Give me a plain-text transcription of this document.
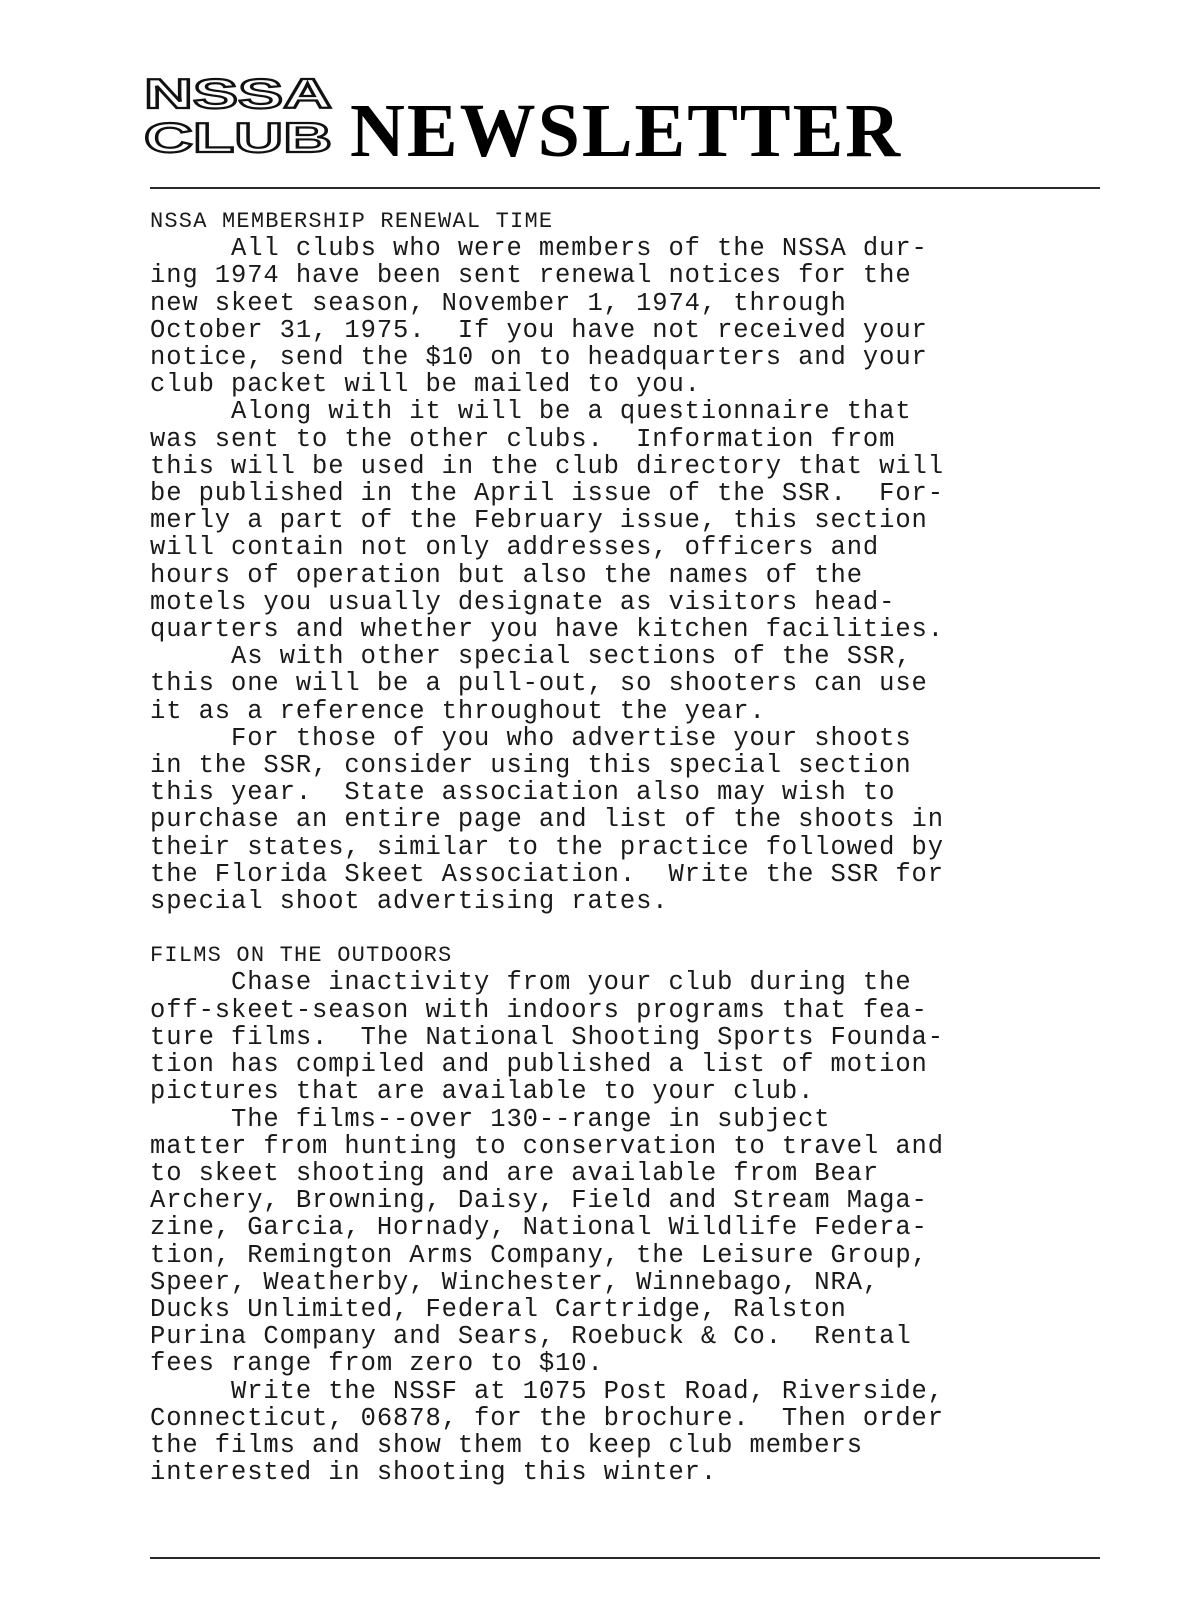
NSSA
CLUB NEWSLETTER
NSSA MEMBERSHIP RENEWAL TIME
All clubs who were members of the NSSA dur-
ing 1974 have been sent renewal notices for the
new skeet season, November 1, 1974, through
October 31, 1975.  If you have not received your
notice, send the $10 on to headquarters and your
club packet will be mailed to you.
Along with it will be a questionnaire that
was sent to the other clubs.  Information from
this will be used in the club directory that will
be published in the April issue of the SSR.  For-
merly a part of the February issue, this section
will contain not only addresses, officers and
hours of operation but also the names of the
motels you usually designate as visitors head-
quarters and whether you have kitchen facilities.
As with other special sections of the SSR,
this one will be a pull-out, so shooters can use
it as a reference throughout the year.
For those of you who advertise your shoots
in the SSR, consider using this special section
this year.  State association also may wish to
purchase an entire page and list of the shoots in
their states, similar to the practice followed by
the Florida Skeet Association.  Write the SSR for
special shoot advertising rates.
FILMS ON THE OUTDOORS
Chase inactivity from your club during the
off-skeet-season with indoors programs that fea-
ture films.  The National Shooting Sports Founda-
tion has compiled and published a list of motion
pictures that are available to your club.
The films--over 130--range in subject
matter from hunting to conservation to travel and
to skeet shooting and are available from Bear
Archery, Browning, Daisy, Field and Stream Maga-
zine, Garcia, Hornady, National Wildlife Federa-
tion, Remington Arms Company, the Leisure Group,
Speer, Weatherby, Winchester, Winnebago, NRA,
Ducks Unlimited, Federal Cartridge, Ralston
Purina Company and Sears, Roebuck & Co.  Rental
fees range from zero to $10.
Write the NSSF at 1075 Post Road, Riverside,
Connecticut, 06878, for the brochure.  Then order
the films and show them to keep club members
interested in shooting this winter.
